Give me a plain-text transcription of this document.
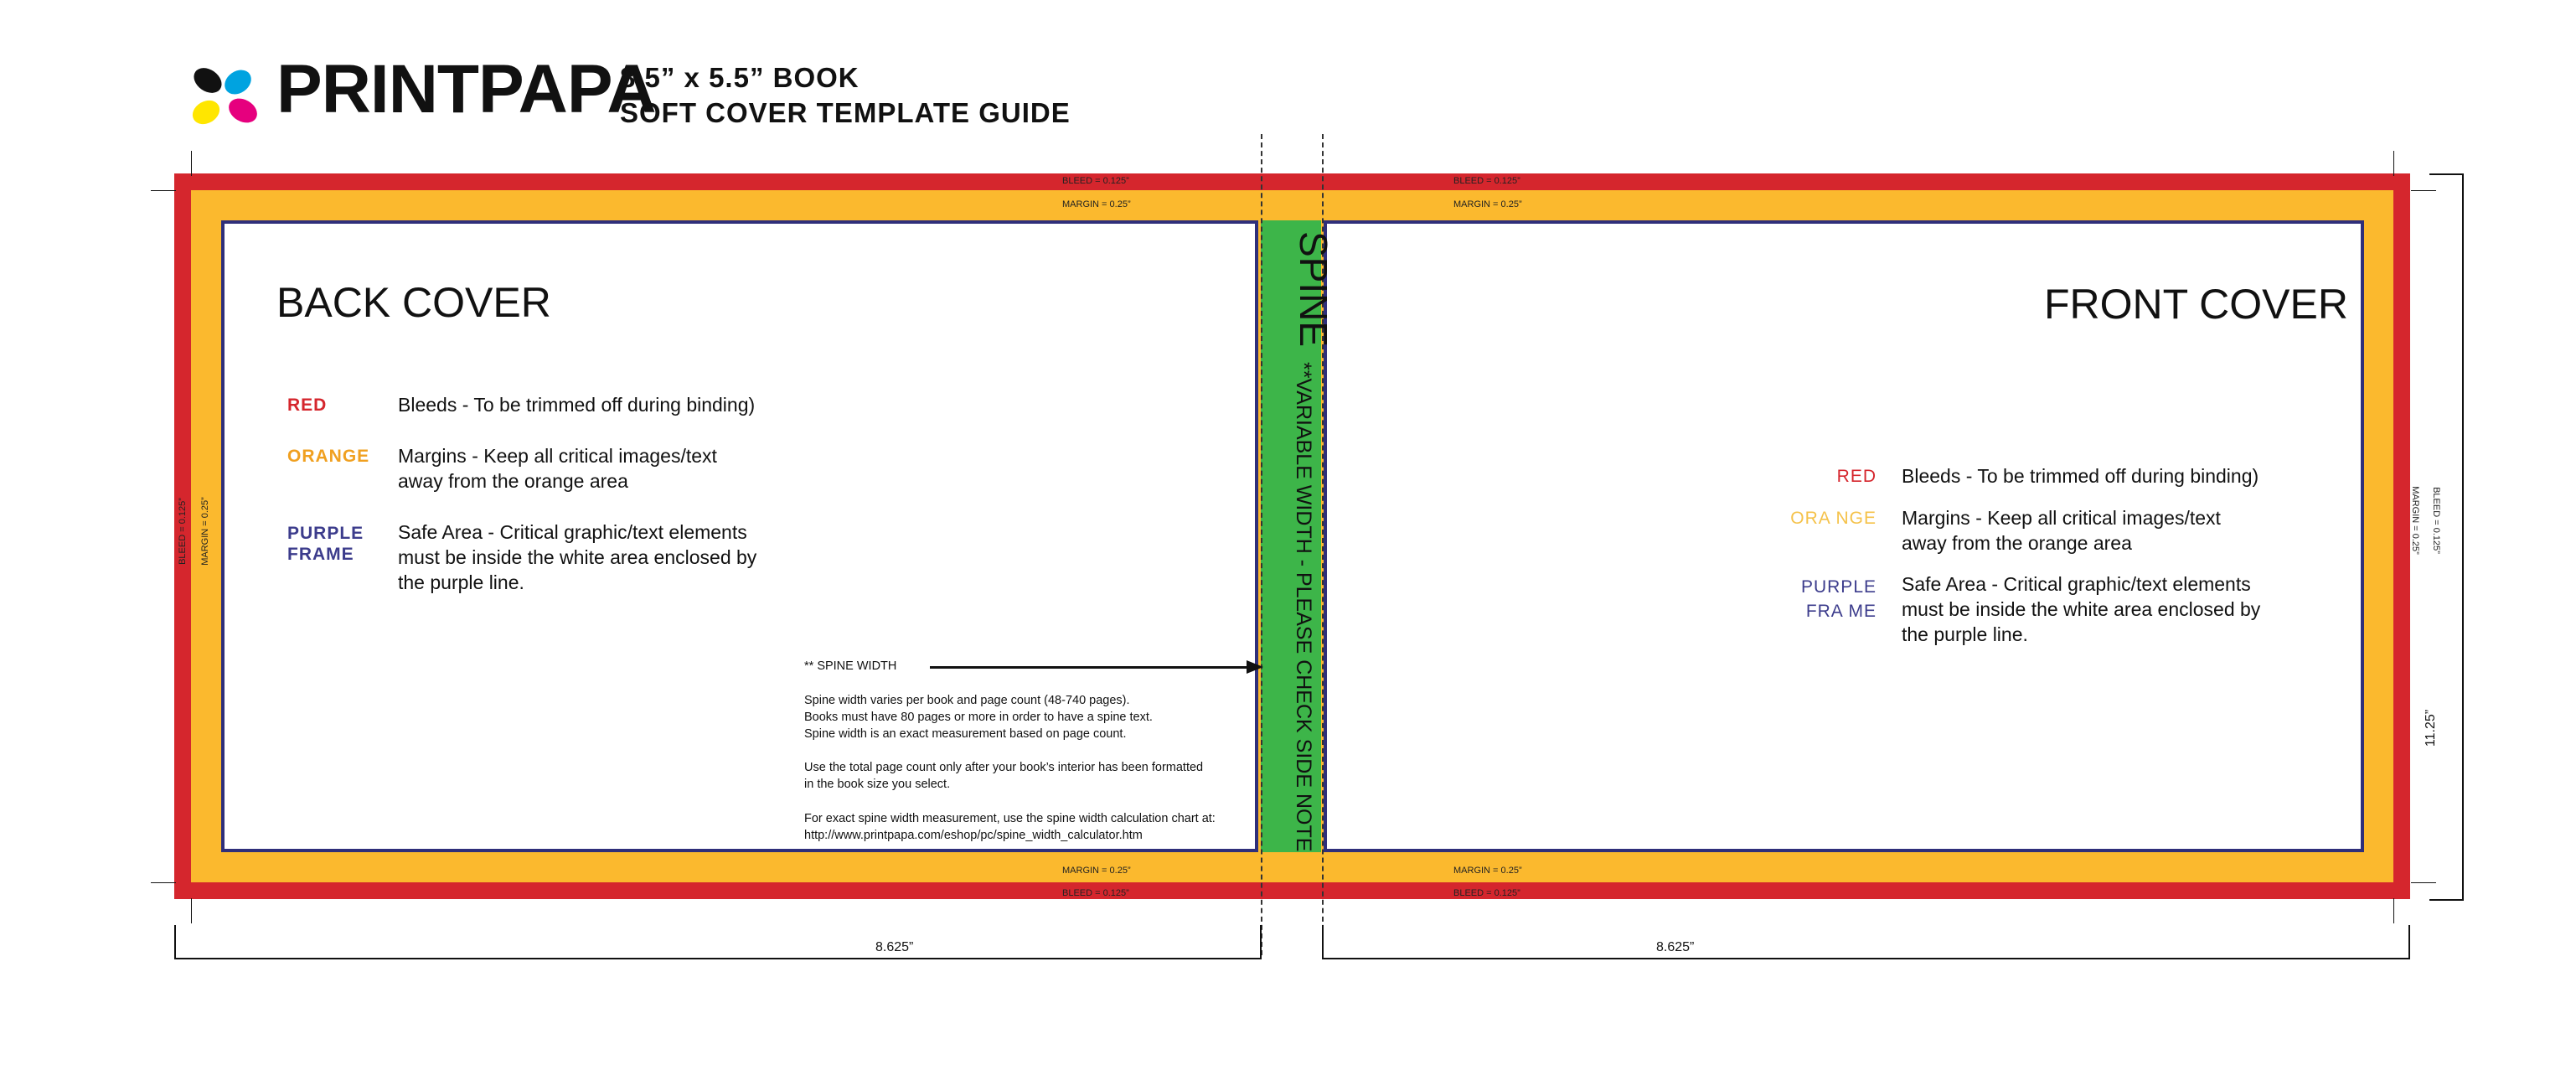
PRINTPAPA
8.5” x 5.5” BOOK
SOFT COVER TEMPLATE GUIDE
BLEED = 0.125”
MARGIN = 0.25”
BLEED = 0.125”
MARGIN = 0.25”
MARGIN = 0.25”
BLEED = 0.125”
MARGIN = 0.25”
BLEED = 0.125”
BLEED = 0.125” MARGIN = 0.25”	MARGIN = 0.25” BLEED = 0.125”
BACK COVER
RED	Bleeds - To be trimmed off during binding)
ORANGE Margins - Keep all critical images/text
away from the orange area
PURPLE
FRAME
Safe Area - Critical graphic/text elements
must be inside the white area enclosed by
the purple line.
** SPINE WIDTH
Spine width varies per book and page count (48-740 pages).
Books must have 80 pages or more in order to have a spine text.
Spine width is an exact measurement based on page count.
Use the total page count only after your book’s interior has been formatted
in the book size you select.
For exact spine width measurement, use the spine width calculation chart at:
http://www.printpapa.com/eshop/pc/spine_width_calculator.htm
SPINE
**VARIABLE WIDTH - PLEASE CHECK SIDE NOTE
FRONT COVER
RED Bleeds - To be trimmed off during binding)
ORA NGE Margins - Keep all critical images/text
away from the orange area
PURPLE
FRA ME
Safe Area - Critical graphic/text elements
must be inside the white area enclosed by
the purple line.
8.625”	8.625”
11.25”
